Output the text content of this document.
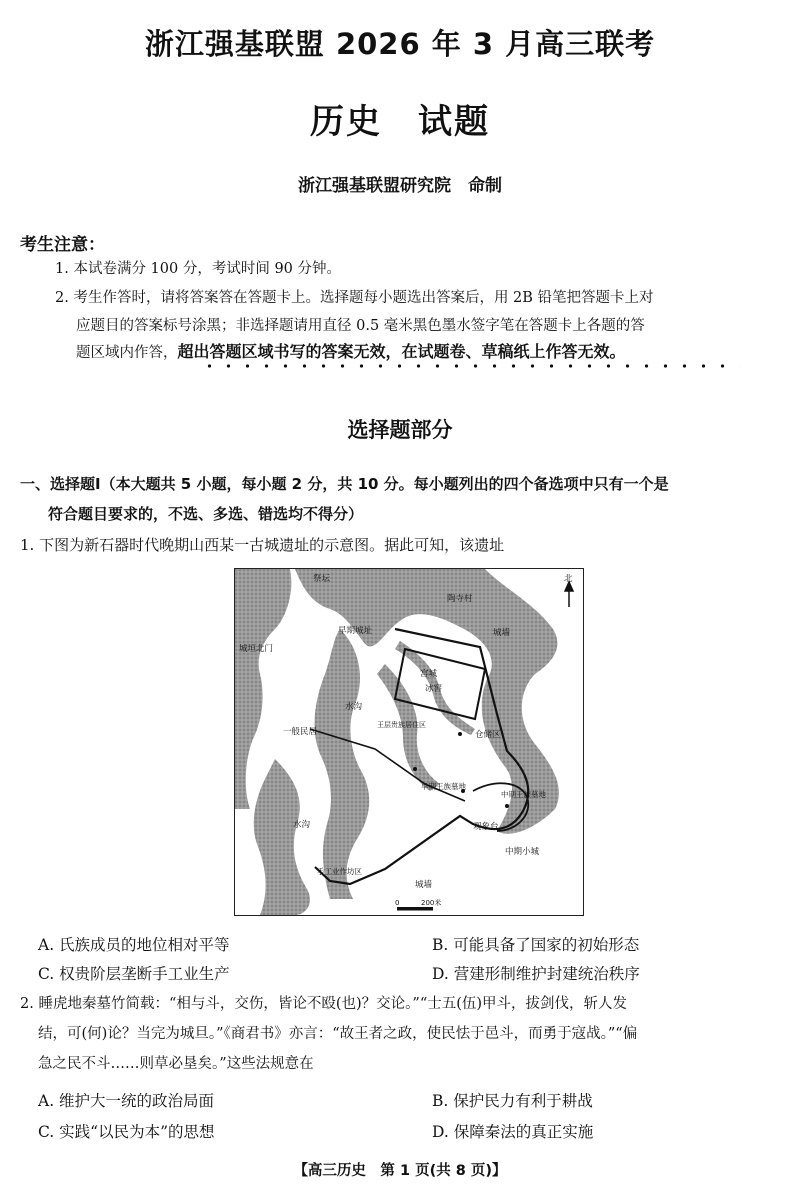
浙江强基联盟 2026 年 3 月高三联考
历史　试题
浙江强基联盟研究院　命制
考生注意：
1. 本试卷满分 100 分，考试时间 90 分钟。
2. 考生作答时，请将答案答在答题卡上。选择题每小题选出答案后，用 2B 铅笔把答题卡上对
应题目的答案标号涂黑；非选择题请用直径 0.5 毫米黑色墨水签字笔在答题卡上各题的答
题区域内作答，超出答题区域书写的答案无效，在试题卷、草稿纸上作答无效。
选择题部分
一、选择题Ⅰ（本大题共 5 小题，每小题 2 分，共 10 分。每小题列出的四个备选项中只有一个是
符合题目要求的，不选、多选、错选均不得分）
1. 下图为新石器时代晚期山西某一古城遗址的示意图。据此可知，该遗址
祭坛
陶寺村
北
早期城址	城墙
城垣北门
宫城
冰窖
水沟
王层贵族居住区
仓储区
一般民居
早期王族墓地
中期王族墓地
观象台
中期小城
水沟
手工业作坊区
城墙
0	200米
A. 氏族成员的地位相对平等	B. 可能具备了国家的初始形态
C. 权贵阶层垄断手工业生产	D. 营建形制维护封建统治秩序
2. 睡虎地秦墓竹简载：“相与斗，交伤，皆论不殴(也)？交论。”“士五(伍)甲斗，拔剑伐，斩人发
结，可(何)论？当完为城旦。”《商君书》亦言：“故王者之政，使民怯于邑斗，而勇于寇战。”“偏
急之民不斗……则草必垦矣。”这些法规意在
A. 维护大一统的政治局面	B. 保护民力有利于耕战
C. 实践“以民为本”的思想	D. 保障秦法的真正实施
【高三历史　第 1 页(共 8 页)】
